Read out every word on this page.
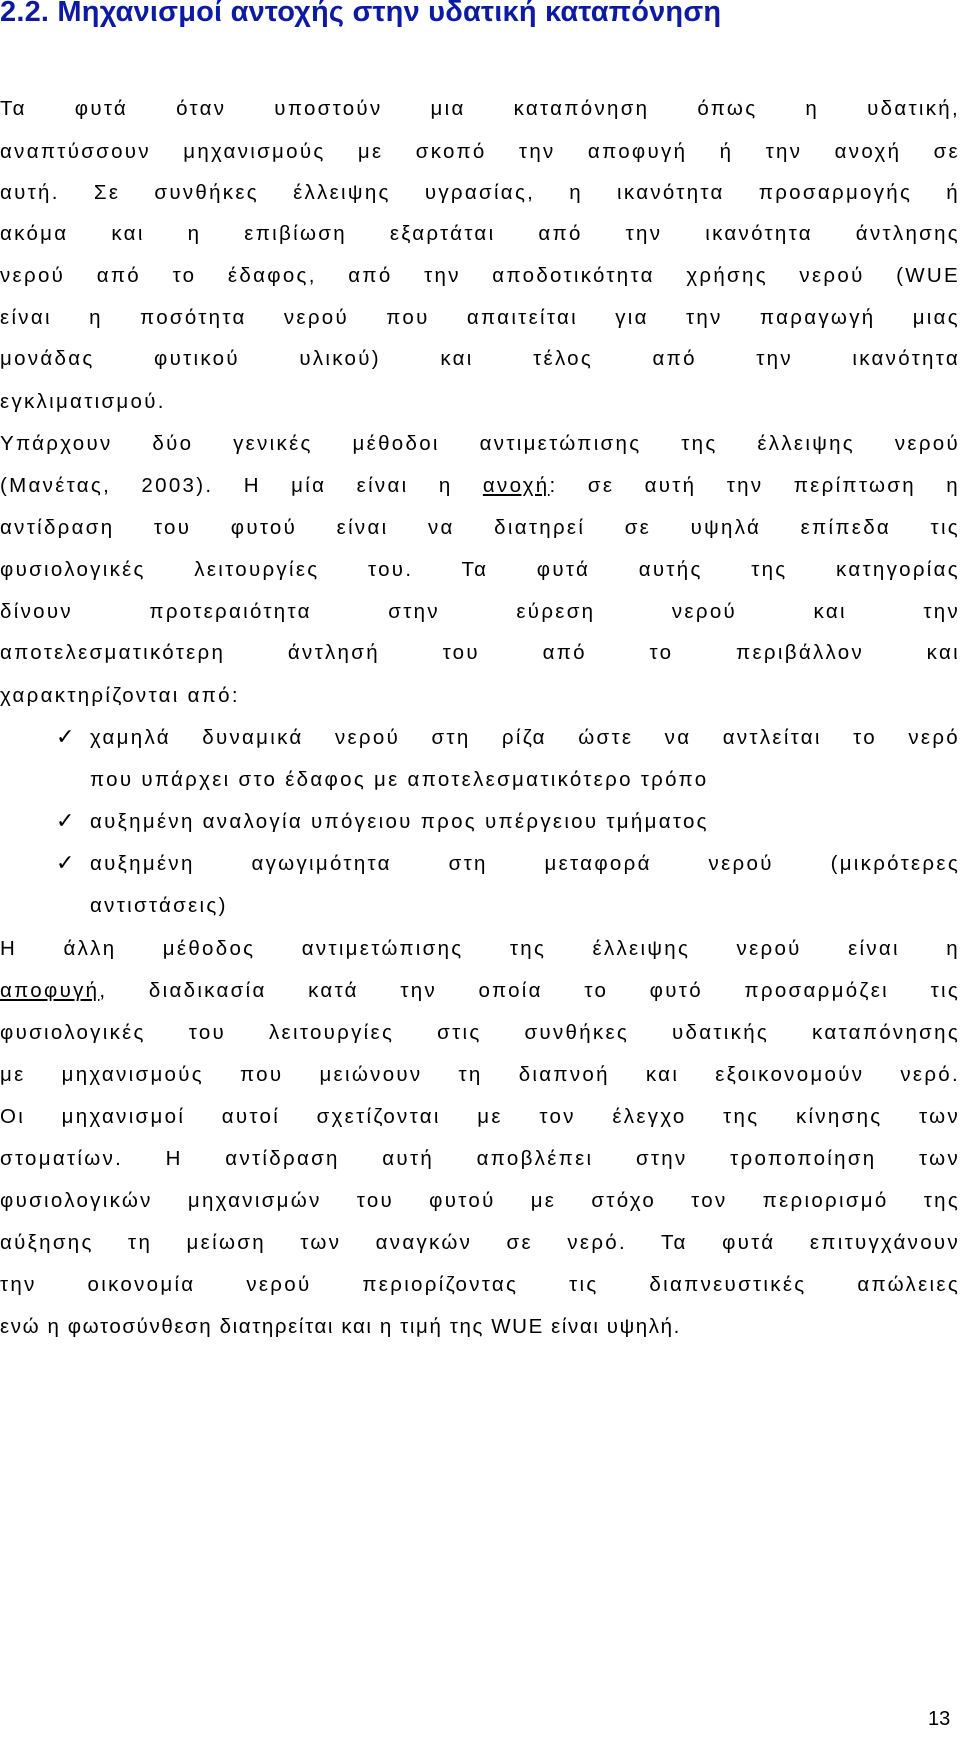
2.2. Μηχανισμοί αντοχής στην υδατική καταπόνηση
Τα φυτά όταν υποστούν μια καταπόνηση όπως η υδατική,
αναπτύσσουν μηχανισμούς με σκοπό την αποφυγή ή την ανοχή σε
αυτή. Σε συνθήκες έλλειψης υγρασίας, η ικανότητα προσαρμογής ή
ακόμα και η επιβίωση εξαρτάται από την ικανότητα άντλησης
νερού από το έδαφος, από την αποδοτικότητα χρήσης νερού (WUE
είναι η ποσότητα νερού που απαιτείται για την παραγωγή μιας
μονάδας φυτικού υλικού) και τέλος από την ικανότητα
εγκλιματισμού.
Υπάρχουν δύο γενικές μέθοδοι αντιμετώπισης της έλλειψης νερού
(Μανέτας, 2003). Η μία είναι η ανοχή: σε αυτή την περίπτωση η
αντίδραση του φυτού είναι να διατηρεί σε υψηλά επίπεδα τις
φυσιολογικές λειτουργίες του. Τα φυτά αυτής της κατηγορίας
δίνουν προτεραιότητα στην εύρεση νερού και την
αποτελεσματικότερη άντλησή του από το περιβάλλον και
χαρακτηρίζονται από:
✓ χαμηλά δυναμικά νερού στη ρίζα ώστε να αντλείται το νερό
που υπάρχει στο έδαφος με αποτελεσματικότερο τρόπο
✓ αυξημένη αναλογία υπόγειου προς υπέργειου τμήματος
✓ αυξημένη αγωγιμότητα στη μεταφορά νερού (μικρότερες
αντιστάσεις)
Η άλλη μέθοδος αντιμετώπισης της έλλειψης νερού είναι η
αποφυγή, διαδικασία κατά την οποία το φυτό προσαρμόζει τις
φυσιολογικές του λειτουργίες στις συνθήκες υδατικής καταπόνησης
με μηχανισμούς που μειώνουν τη διαπνοή και εξοικονομούν νερό.
Οι μηχανισμοί αυτοί σχετίζονται με τον έλεγχο της κίνησης των
στοματίων. Η αντίδραση αυτή αποβλέπει στην τροποποίηση των
φυσιολογικών μηχανισμών του φυτού με στόχο τον περιορισμό της
αύξησης τη μείωση των αναγκών σε νερό. Τα φυτά επιτυγχάνουν
την οικονομία νερού περιορίζοντας τις διαπνευστικές απώλειες
ενώ η φωτοσύνθεση διατηρείται και η τιμή της WUE είναι υψηλή.
13
